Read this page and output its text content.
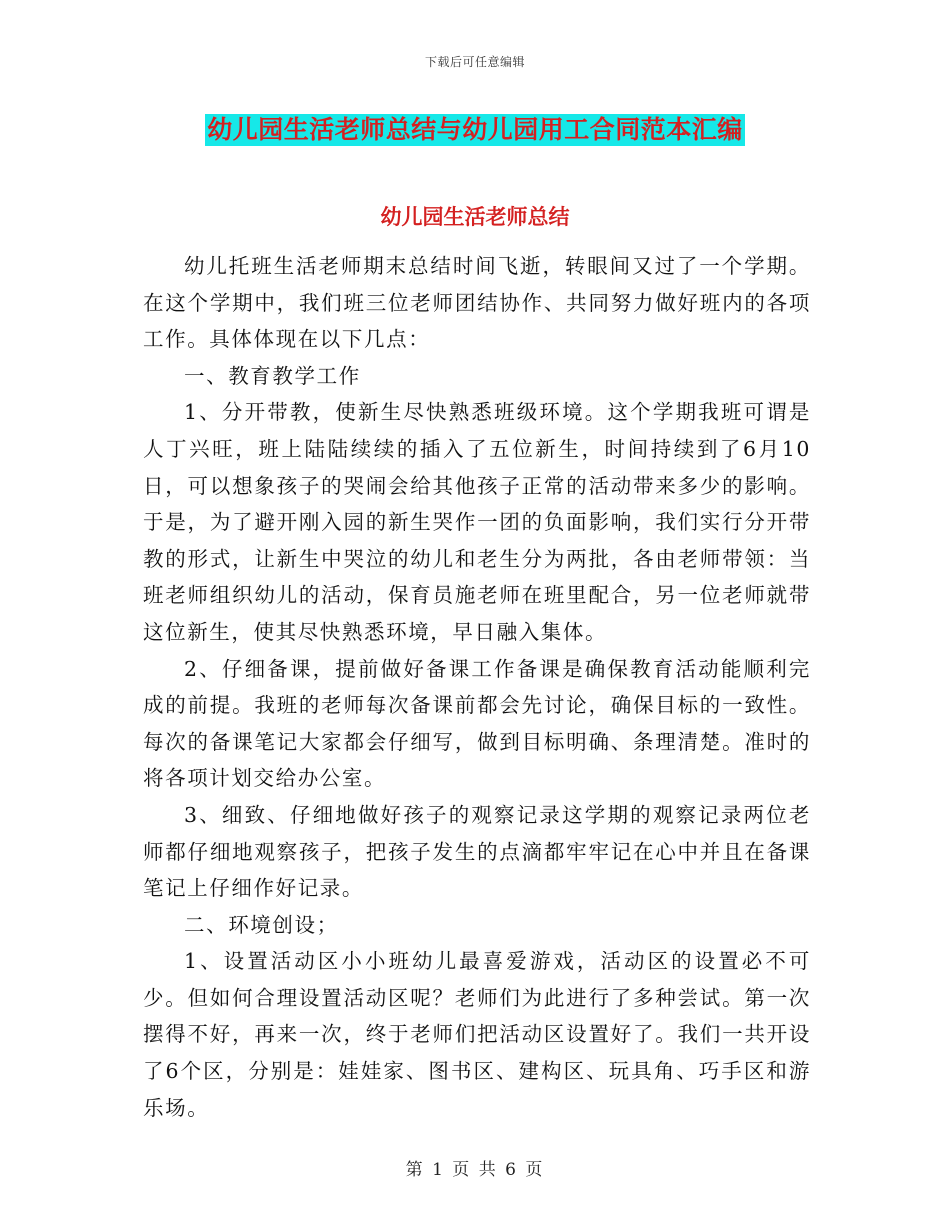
下载后可任意编辑
幼儿园生活老师总结与幼儿园用工合同范本汇编
幼儿园生活老师总结

幼儿托班生活老师期末总结时间飞逝，转眼间又过了一个学期。在这个学期中，我们班三位老师团结协作、共同努力做好班内的各项工作。具体体现在以下几点：

一、教育教学工作

1、分开带教，使新生尽快熟悉班级环境。这个学期我班可谓是人丁兴旺，班上陆陆续续的插入了五位新生，时间持续到了6月10日，可以想象孩子的哭闹会给其他孩子正常的活动带来多少的影响。于是，为了避开刚入园的新生哭作一团的负面影响，我们实行分开带教的形式，让新生中哭泣的幼儿和老生分为两批，各由老师带领：当班老师组织幼儿的活动，保育员施老师在班里配合，另一位老师就带这位新生，使其尽快熟悉环境，早日融入集体。

2、仔细备课，提前做好备课工作备课是确保教育活动能顺利完成的前提。我班的老师每次备课前都会先讨论，确保目标的一致性。每次的备课笔记大家都会仔细写，做到目标明确、条理清楚。准时的将各项计划交给办公室。

3、细致、仔细地做好孩子的观察记录这学期的观察记录两位老师都仔细地观察孩子，把孩子发生的点滴都牢牢记在心中并且在备课笔记上仔细作好记录。

二、环境创设；

1、设置活动区小小班幼儿最喜爱游戏，活动区的设置必不可少。但如何合理设置活动区呢？老师们为此进行了多种尝试。第一次摆得不好，再来一次，终于老师们把活动区设置好了。我们一共开设了6个区，分别是：娃娃家、图书区、建构区、玩具角、巧手区和游乐场。

第 1 页 共 6 页
